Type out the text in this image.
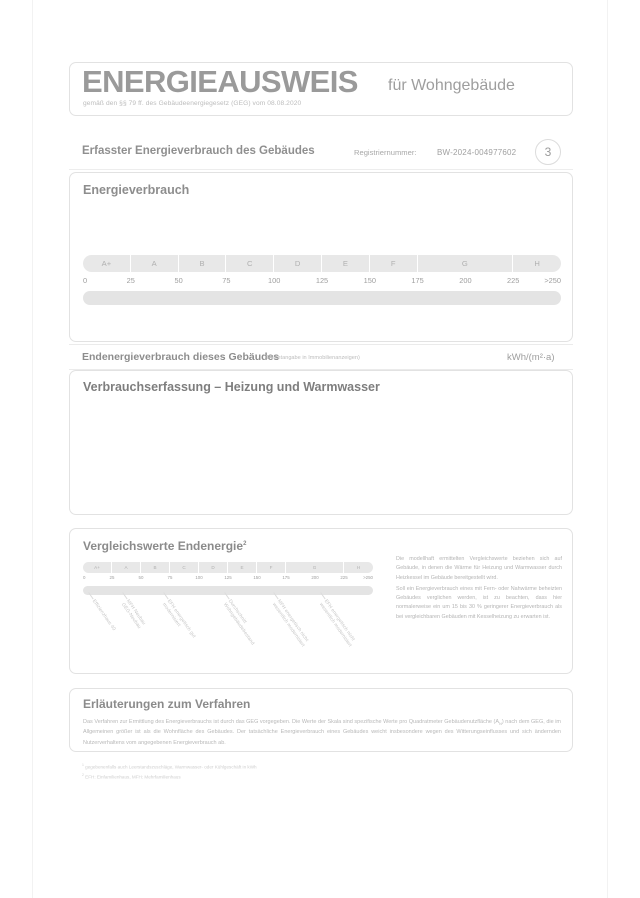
ENERGIEAUSWEIS für Wohngebäude
gemäß den §§ 79 ff. des Gebäudeenergiegesetz (GEG) vom 08.08.2020
Erfasster Energieverbrauch des Gebäudes	Registriernummer:	BW-2024-004977602	3
Energieverbrauch
A+	A	B	C	D	E	F	G	H
0	25	50	75	100	125	150	175	200	225	>250
Endenergieverbrauch dieses Gebäudes
(Pflichtangabe in Immobilienanzeigen)	kWh/(m²·a)
Verbrauchserfassung – Heizung und Warmwasser
Vergleichswerte Endenergie$^2$
A+	A	B	C	D	E	F	G	H
0	25	50	75	100	125	150	175	200	225	>250
Effizienzhaus 40	MFH Neubau
GEG-Neubau	EFH energetisch gut
modernisiert	Durchschnitt
Wohngebäudebestand	MFH energetisch nicht
wesentlich modernisiert	EFH energetisch nicht
wesentlich modernisiert

Die modellhaft ermittelten Vergleichswerte beziehen sich auf Gebäude, in denen die Wärme für Heizung und Warmwasser durch Heizkessel im Gebäude bereitgestellt wird.

Soll ein Energieverbrauch eines mit Fern- oder Nahwärme beheizten Gebäudes verglichen werden, ist zu beachten, dass hier normalerweise ein um 15 bis 30 % geringerer Energieverbrauch als bei vergleichbaren Gebäuden mit Kesselheizung zu erwarten ist.

Erläuterungen zum Verfahren
Das Verfahren zur Ermittlung des Energieverbrauchs ist durch das GEG vorgegeben. Die Werte der Skala sind spezifische Werte pro Quadratmeter Gebäudenutzfläche $(A_N)$ nach dem GEG, die im Allgemeinen größer ist als die Wohnfläche des Gebäudes. Der tatsächliche Energieverbrauch eines Gebäudes weicht insbesondere wegen des Witterungseinflusses und sich ändernden Nutzerverhaltens vom angegebenen Energieverbrauch ab.
$^1$ gegebenenfalls auch Leerstandszuschläge, Warmwasser- oder Kühlgeschäft in kWh
$^2$ EFH: Einfamilienhaus, MFH: Mehrfamilienhaus
